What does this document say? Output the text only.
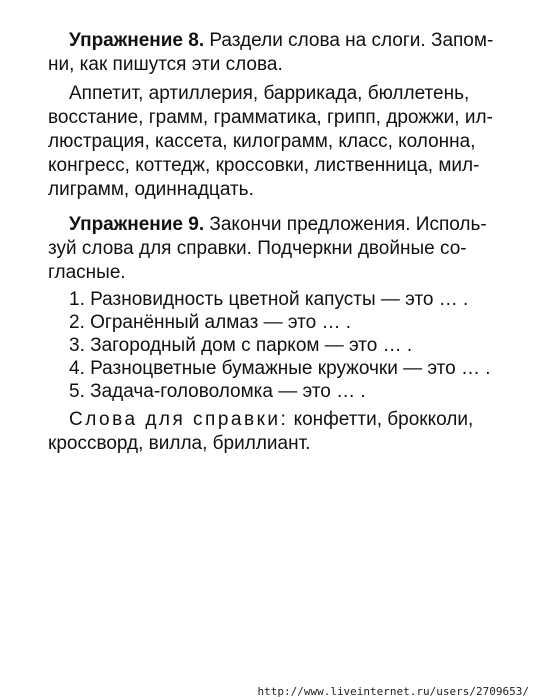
Упражнение 8. Раздели слова на слоги. Запом-
ни, как пишутся эти слова.
Аппетит, артиллерия, баррикада, бюллетень,
восстание, грамм, грамматика, грипп, дрожжи, ил-
люстрация, кассета, килограмм, класс, колонна,
конгресс, коттедж, кроссовки, лиственница, мил-
лиграмм, одиннадцать.
Упражнение 9. Закончи предложения. Исполь-
зуй слова для справки. Подчеркни двойные со-
гласные.
1. Разновидность цветной капусты — это … .
2. Огранённый алмаз — это … .
3. Загородный дом с парком — это … .
4. Разноцветные бумажные кружочки — это … .
5. Задача-головоломка — это … .
Слова для справки: конфетти, брокколи,
кроссворд, вилла, бриллиант.
http://www.liveinternet.ru/users/2709653/
